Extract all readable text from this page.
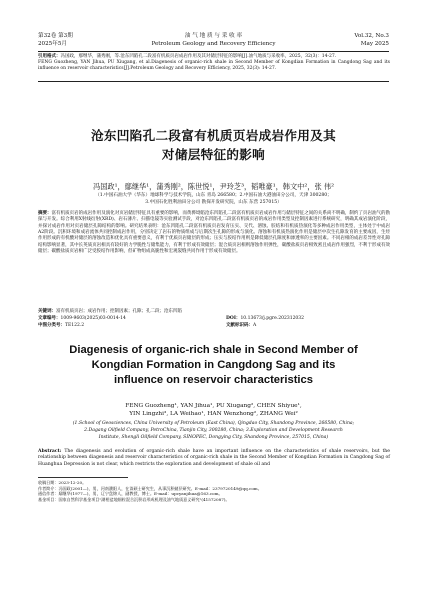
第32卷 第3期
2025年5月
油 气 地 质 与 采 收 率
Petroleum Geology and Recovery Efficiency
Vol.32, No.3
May 2025
引用格式：冯国政，鄢继华，蒲秀刚，等.沧东凹陷孔二段富有机质页岩成岩作用及其对储层特征的影响[J].油气地质与采收率，2025，32(3)：14-27.
FENG Guozheng, YAN Jihua, PU Xiugang, et al.Diagenesis of organic-rich shale in Second Member of Kongdian Formation in Cangdong Sag and its influence on reservoir characteristics[J].Petroleum Geology and Recovery Efficiency, 2025, 32(3): 14-27.
沧东凹陷孔二段富有机质页岩成岩作用及其
对储层特征的影响
冯国政¹，鄢继华¹，蒲秀刚²，陈世悦¹，尹玲芝³，韬唯豪¹，韩文中²，张 伟²
（1.中国石油大学（华东）地球科学与技术学院，山东 青岛 266580；2.中国石油大港油田分公司，天津 300280；
3.中国石化胜利油田分公司 勘探开发研究院，山东 东营 257015）
摘要：富有机质页岩的成岩作用及演化对页岩储层特征具有重要的影响，而黄骅坳陷沧东凹陷孔二段富有机质页岩成岩作用与储层特征之间的关系尚不明确，制约了页岩油气的勘探与开发。综合利用X射线衍射(XRD)、岩石薄片、扫描电镜等实验测试手段，对沧东凹陷孔二段富有机质页岩的成岩作用类型及控制因素进行系统研究，明确其成岩演化阶段，并探讨成岩作用对页岩储层孔隙结构的影响。研究结果表明：沧东凹陷孔二段富有机质页岩发育压实、交代、溶蚀、胶结和有机质热演化等多种成岩作用类型，主体处于中成岩A2阶段。沉积环境和成岩流体共同控制成岩作用，分别决定了岩石的物质组成与后期次生孔隙的形成与演化。溶蚀和有机质热演化作用是储层中次生孔隙发育的主要成因，生烃作用形成的有机酸对储层的溶蚀改造和优化具有重要意义，有利于优质页岩储层的形成；压实与胶结作用则是降低储层孔隙度和渗透率的主要因素。不同岩相的成岩差异性对孔隙结构影响显著，其中长英质页岩相具有较好的力学脆性与储集能力，有利于形成有效储层；混合质页岩相则溶蚀作用弹性，碳酸盐质页岩相致密且成岩作用强烈，不利于形成有效储层；碳酸盐质页岩相广泛受胶结作用影响，但矿物组成高脆性和宏观裂缝共同作用于形成有效储层。
关键词：富有机质页岩；成岩作用；控制因素；孔隙；孔二段；沧东凹陷
文章编号：1009-9603(2025)03-0014-14	DOI：10.13673/j.pgre.202312032
中图分类号：TE122.2	文献标识码：A
Diagenesis of organic-rich shale in Second Member of
Kongdian Formation in Cangdong Sag and its
influence on reservoir characteristics
FENG Guozheng¹, YAN Jihua¹, PU Xiugang², CHEN Shiyue¹,
YIN Lingzhi³, LA Weihao¹, HAN Wenzhong², ZHANG Wei²
(1.School of Geosciences, China University of Petroleum (East China), Qingdao City, Shandong Province, 266580, China;
2.Dagang Oilfield Company, PetroChina, Tianjin City, 300280, China; 3.Exploration and Development Research
Institute, Shengli Oilfield Company, SINOPEC, Dongying City, Shandong Province, 257015, China)
Abstract: The diagenesis and evolution of organic-rich shale have an important influence on the characteristics of shale reservoirs, but the relationship between diagenesis and reservoir characteristics of organic-rich shale in the Second Member of Kongdian Formation in Cangdong Sag of Huanghua Depression is not clear, which restricts the exploration and development of shale oil and
收稿日期：2023-12-20。
作者简介：冯国政(2001—)，男，河南濮阳人，在读硕士研究生，从事沉积储层研究。E-mail：2379720149@qq.com。
通信作者：鄢继华(1977—)，男，辽宁盘锦人，副教授，博士。E-mail：upcyanjihua@163.com。
基金项目：国家自然科学基金项目"湖相盆地细粒混合沉积岩形成机理及油气地质意义研究"(41572087)。
